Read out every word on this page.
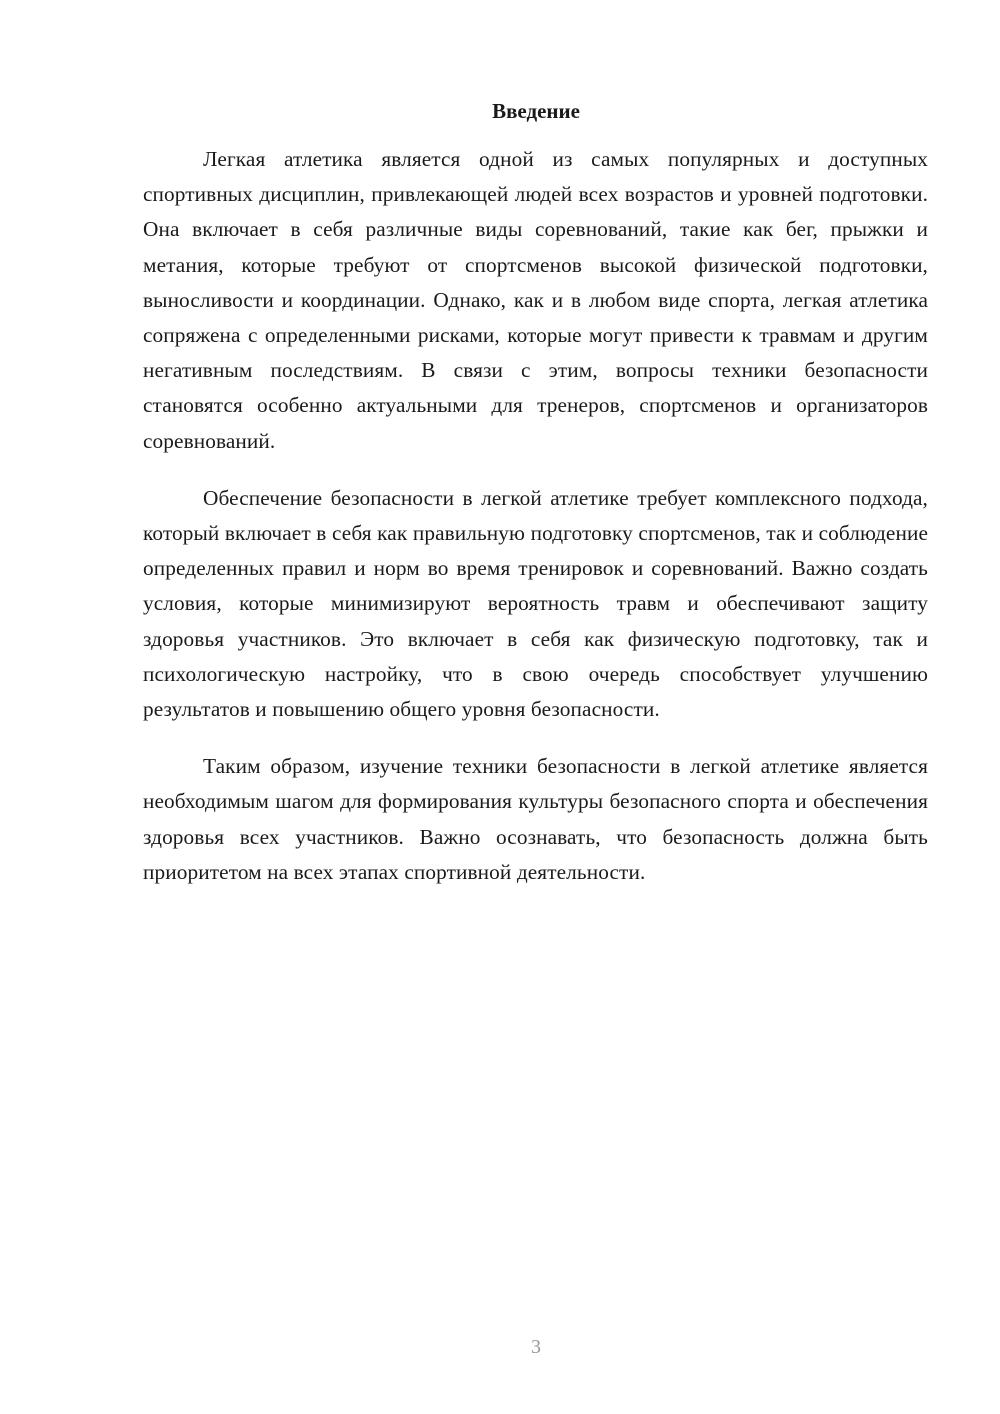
Введение

Легкая атлетика является одной из самых популярных и доступных спортивных дисциплин, привлекающей людей всех возрастов и уровней подготовки. Она включает в себя различные виды соревнований, такие как бег, прыжки и метания, которые требуют от спортсменов высокой физической подготовки, выносливости и координации. Однако, как и в любом виде спорта, легкая атлетика сопряжена с определенными рисками, которые могут привести к травмам и другим негативным последствиям. В связи с этим, вопросы техники безопасности становятся особенно актуальными для тренеров, спортсменов и организаторов соревнований.

Обеспечение безопасности в легкой атлетике требует комплексного подхода, который включает в себя как правильную подготовку спортсменов, так и соблюдение определенных правил и норм во время тренировок и соревнований. Важно создать условия, которые минимизируют вероятность травм и обеспечивают защиту здоровья участников. Это включает в себя как физическую подготовку, так и психологическую настройку, что в свою очередь способствует улучшению результатов и повышению общего уровня безопасности.

Таким образом, изучение техники безопасности в легкой атлетике является необходимым шагом для формирования культуры безопасного спорта и обеспечения здоровья всех участников. Важно осознавать, что безопасность должна быть приоритетом на всех этапах спортивной деятельности.

3
